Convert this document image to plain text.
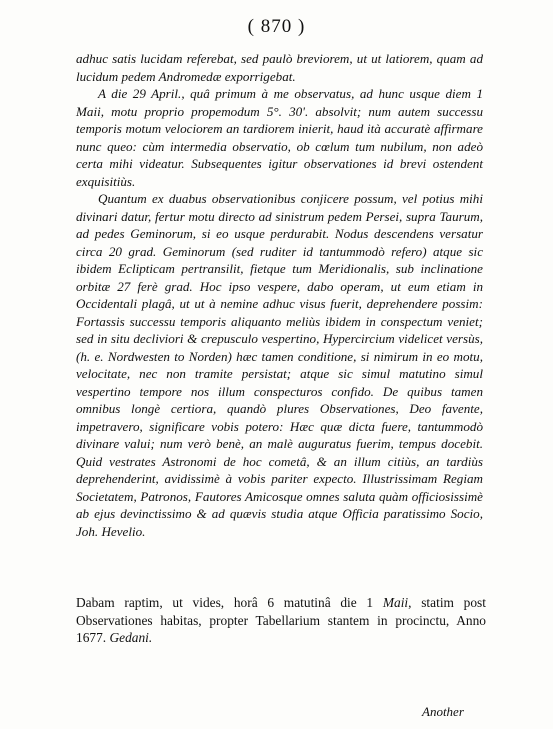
( 870 )

adhuc satis lucidam referebat, sed paulò breviorem, ut ut latiorem, quam ad lucidum pedem Andromedæ exporrigebat.

A die 29 April., quâ primum à me observatus, ad hunc usque diem 1 Maii, motu proprio propemodum 5°. 30'. absolvit; num autem successu temporis motum velociorem an tardiorem inierit, haud ità accuratè affirmare nunc queo: cùm intermedia observatio, ob cœlum tum nubilum, non adeò certa mihi videatur. Subsequentes igitur observationes id brevi ostendent exquisitiùs.

Quantum ex duabus observationibus conjicere possum, vel potius mihi divinari datur, fertur motu directo ad sinistrum pedem Persei, supra Taurum, ad pedes Geminorum, si eo usque perdurabit. Nodus descendens versatur circa 20 grad. Geminorum (sed ruditer id tantummodò refero) atque sic ibidem Eclipticam pertransilit, fietque tum Meridionalis, sub inclinatione orbitæ 27 ferè grad. Hoc ipso vespere, dabo operam, ut eum etiam in Occidentali plagâ, ut ut à nemine adhuc visus fuerit, deprehendere possim: Fortassis successu temporis aliquanto meliùs ibidem in conspectum veniet; sed in situ decliviori & crepusculo vespertino, Hypercircium videlicet versùs, (h. e. Nordwesten to Norden) hæc tamen conditione, si nimirum in eo motu, velocitate, nec non tramite persistat; atque sic simul matutino simul vespertino tempore nos illum conspecturos confido. De quibus tamen omnibus longè certiora, quandò plures Observationes, Deo favente, impetravero, significare vobis potero: Hæc quæ dicta fuere, tantummodò divinare valui; num verò benè, an malè auguratus fuerim, tempus docebit. Quid vestrates Astronomi de hoc cometâ, & an illum citiùs, an tardiùs deprehenderint, avidissimè à vobis pariter expecto. Illustrissimam Regiam Societatem, Patronos, Fautores Amicosque omnes saluta quàm officiosissimè ab ejus devinctissimo & ad quævis studia atque Officia paratissimo Socio, Joh. Hevelio.

Dabam raptim, ut vides, horâ 6 matutinâ die 1 Maii, statim post Observationes habitas, propter Tabellarium stantem in procinctu, Anno 1677. Gedani.
Another
